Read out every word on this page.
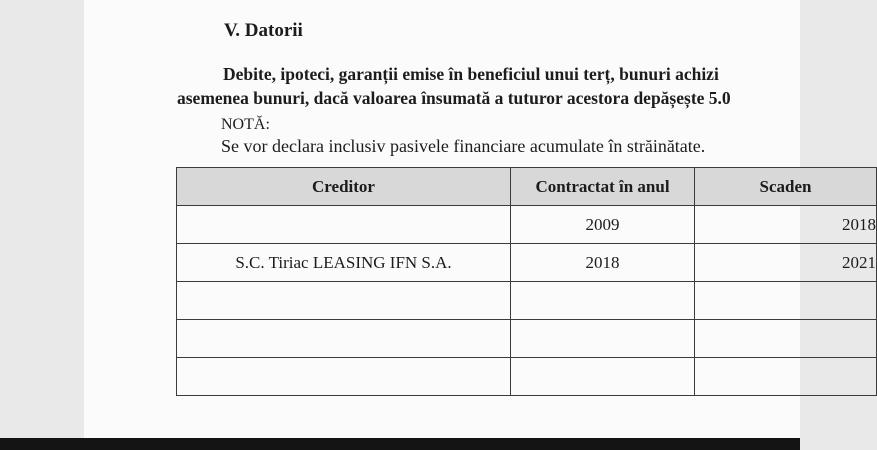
V. Datorii
Debite, ipoteci, garanții emise în beneficiul unui terț, bunuri achizi
asemenea bunuri, dacă valoarea însumată a tuturor acestora depășește 5.0
NOTĂ:
Se vor declara inclusiv pasivele financiare acumulate în străinătate.
Creditor	Contractat în anul	Scaden
	2009	2018
S.C. Tiriac LEASING IFN S.A.	2018	2021
